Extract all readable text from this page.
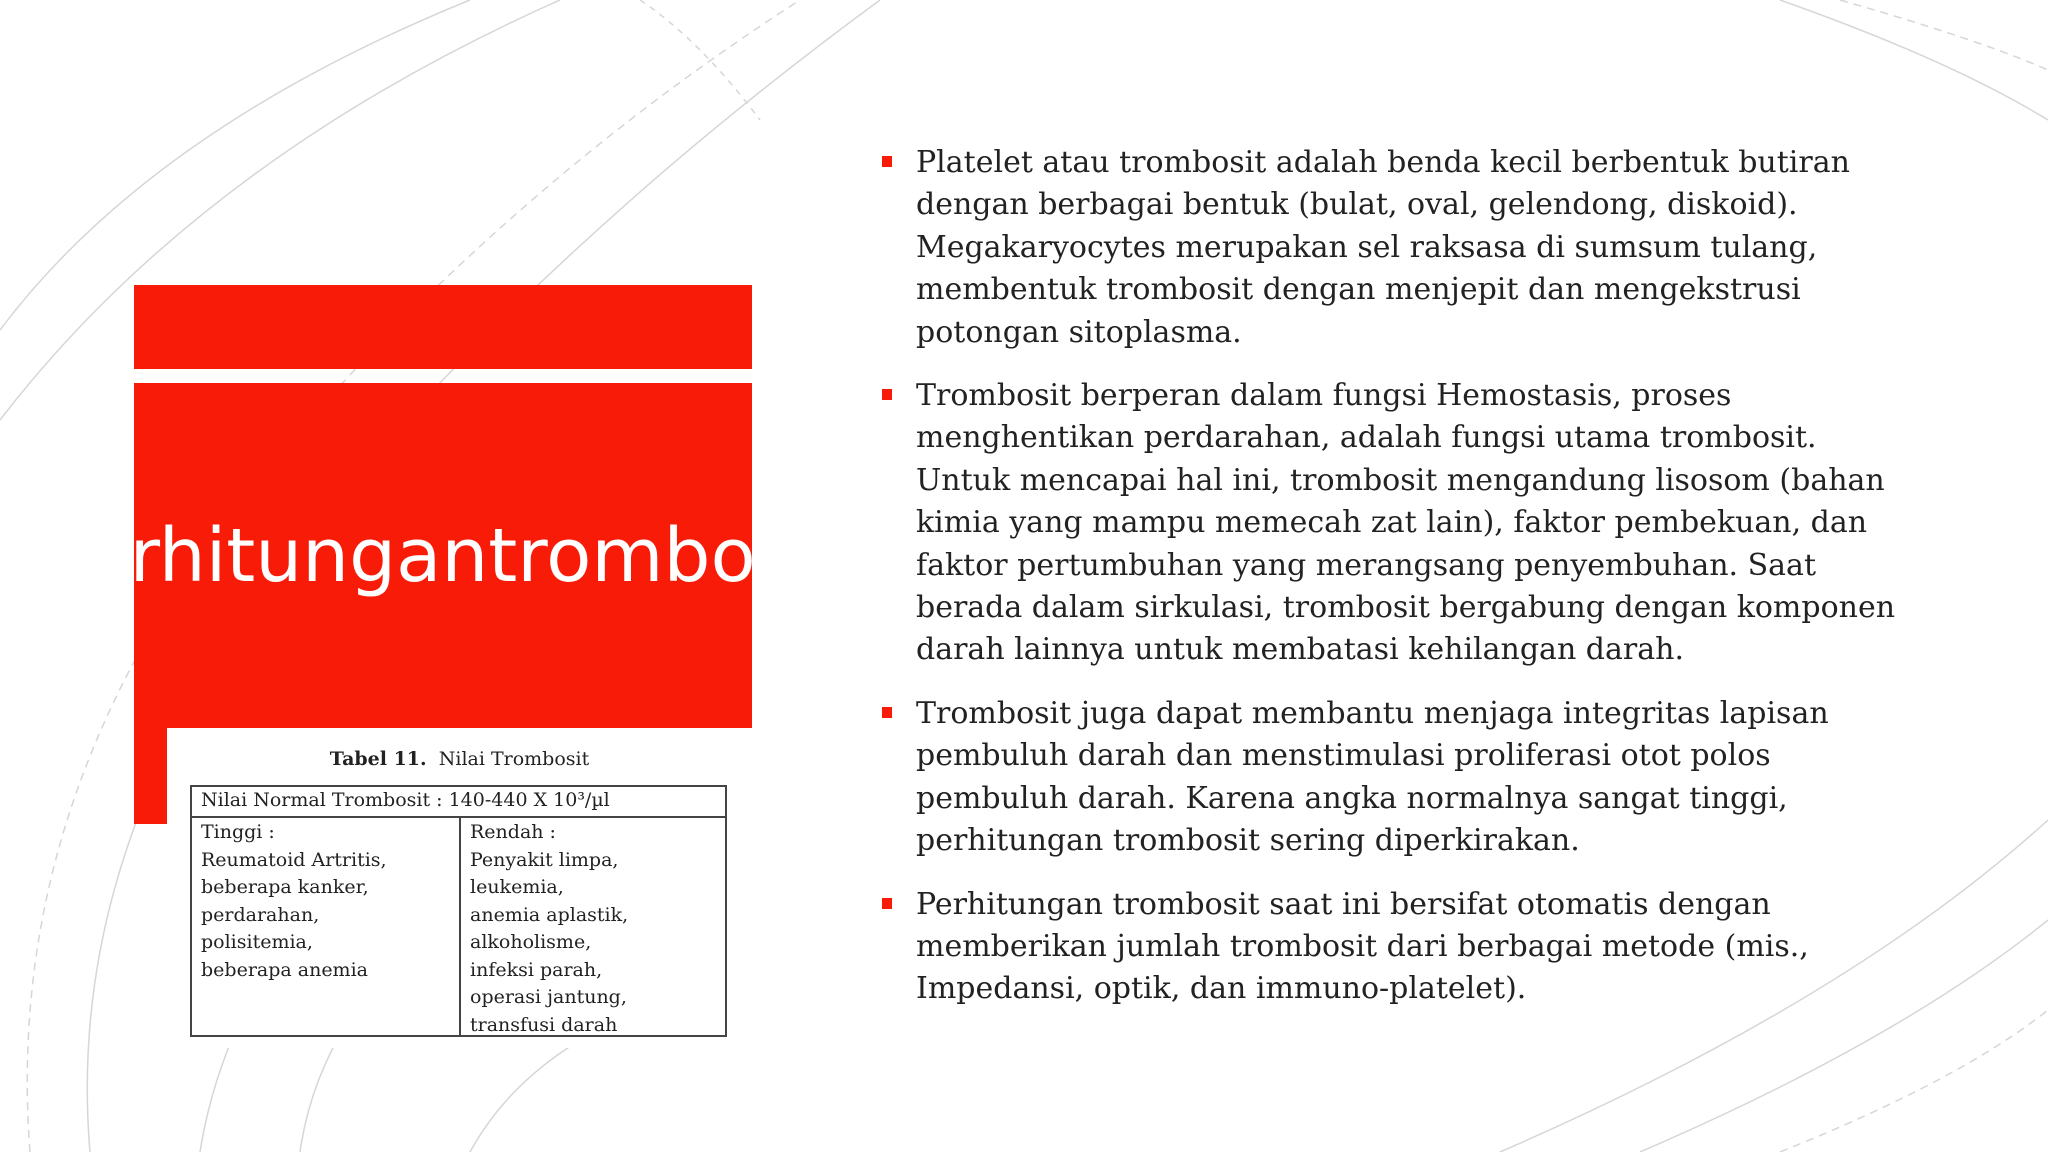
Perhitungan trombosit
Tabel 11. Nilai Trombosit
Nilai Normal Trombosit : 140-440 X 10³/µl
Tinggi :
Reumatoid Artritis,
beberapa kanker,
perdarahan,
polisitemia,
beberapa anemia
Rendah :
Penyakit limpa,
leukemia,
anemia aplastik,
alkoholisme,
infeksi parah,
operasi jantung,
transfusi darah
Platelet atau trombosit adalah benda kecil berbentuk butiran
dengan berbagai bentuk (bulat, oval, gelendong, diskoid).
Megakaryocytes merupakan sel raksasa di sumsum tulang,
membentuk trombosit dengan menjepit dan mengekstrusi
potongan sitoplasma.
Trombosit berperan dalam fungsi Hemostasis, proses
menghentikan perdarahan, adalah fungsi utama trombosit.
Untuk mencapai hal ini, trombosit mengandung lisosom (bahan
kimia yang mampu memecah zat lain), faktor pembekuan, dan
faktor pertumbuhan yang merangsang penyembuhan. Saat
berada dalam sirkulasi, trombosit bergabung dengan komponen
darah lainnya untuk membatasi kehilangan darah.
Trombosit juga dapat membantu menjaga integritas lapisan
pembuluh darah dan menstimulasi proliferasi otot polos
pembuluh darah. Karena angka normalnya sangat tinggi,
perhitungan trombosit sering diperkirakan.
Perhitungan trombosit saat ini bersifat otomatis dengan
memberikan jumlah trombosit dari berbagai metode (mis.,
Impedansi, optik, dan immuno-platelet).
